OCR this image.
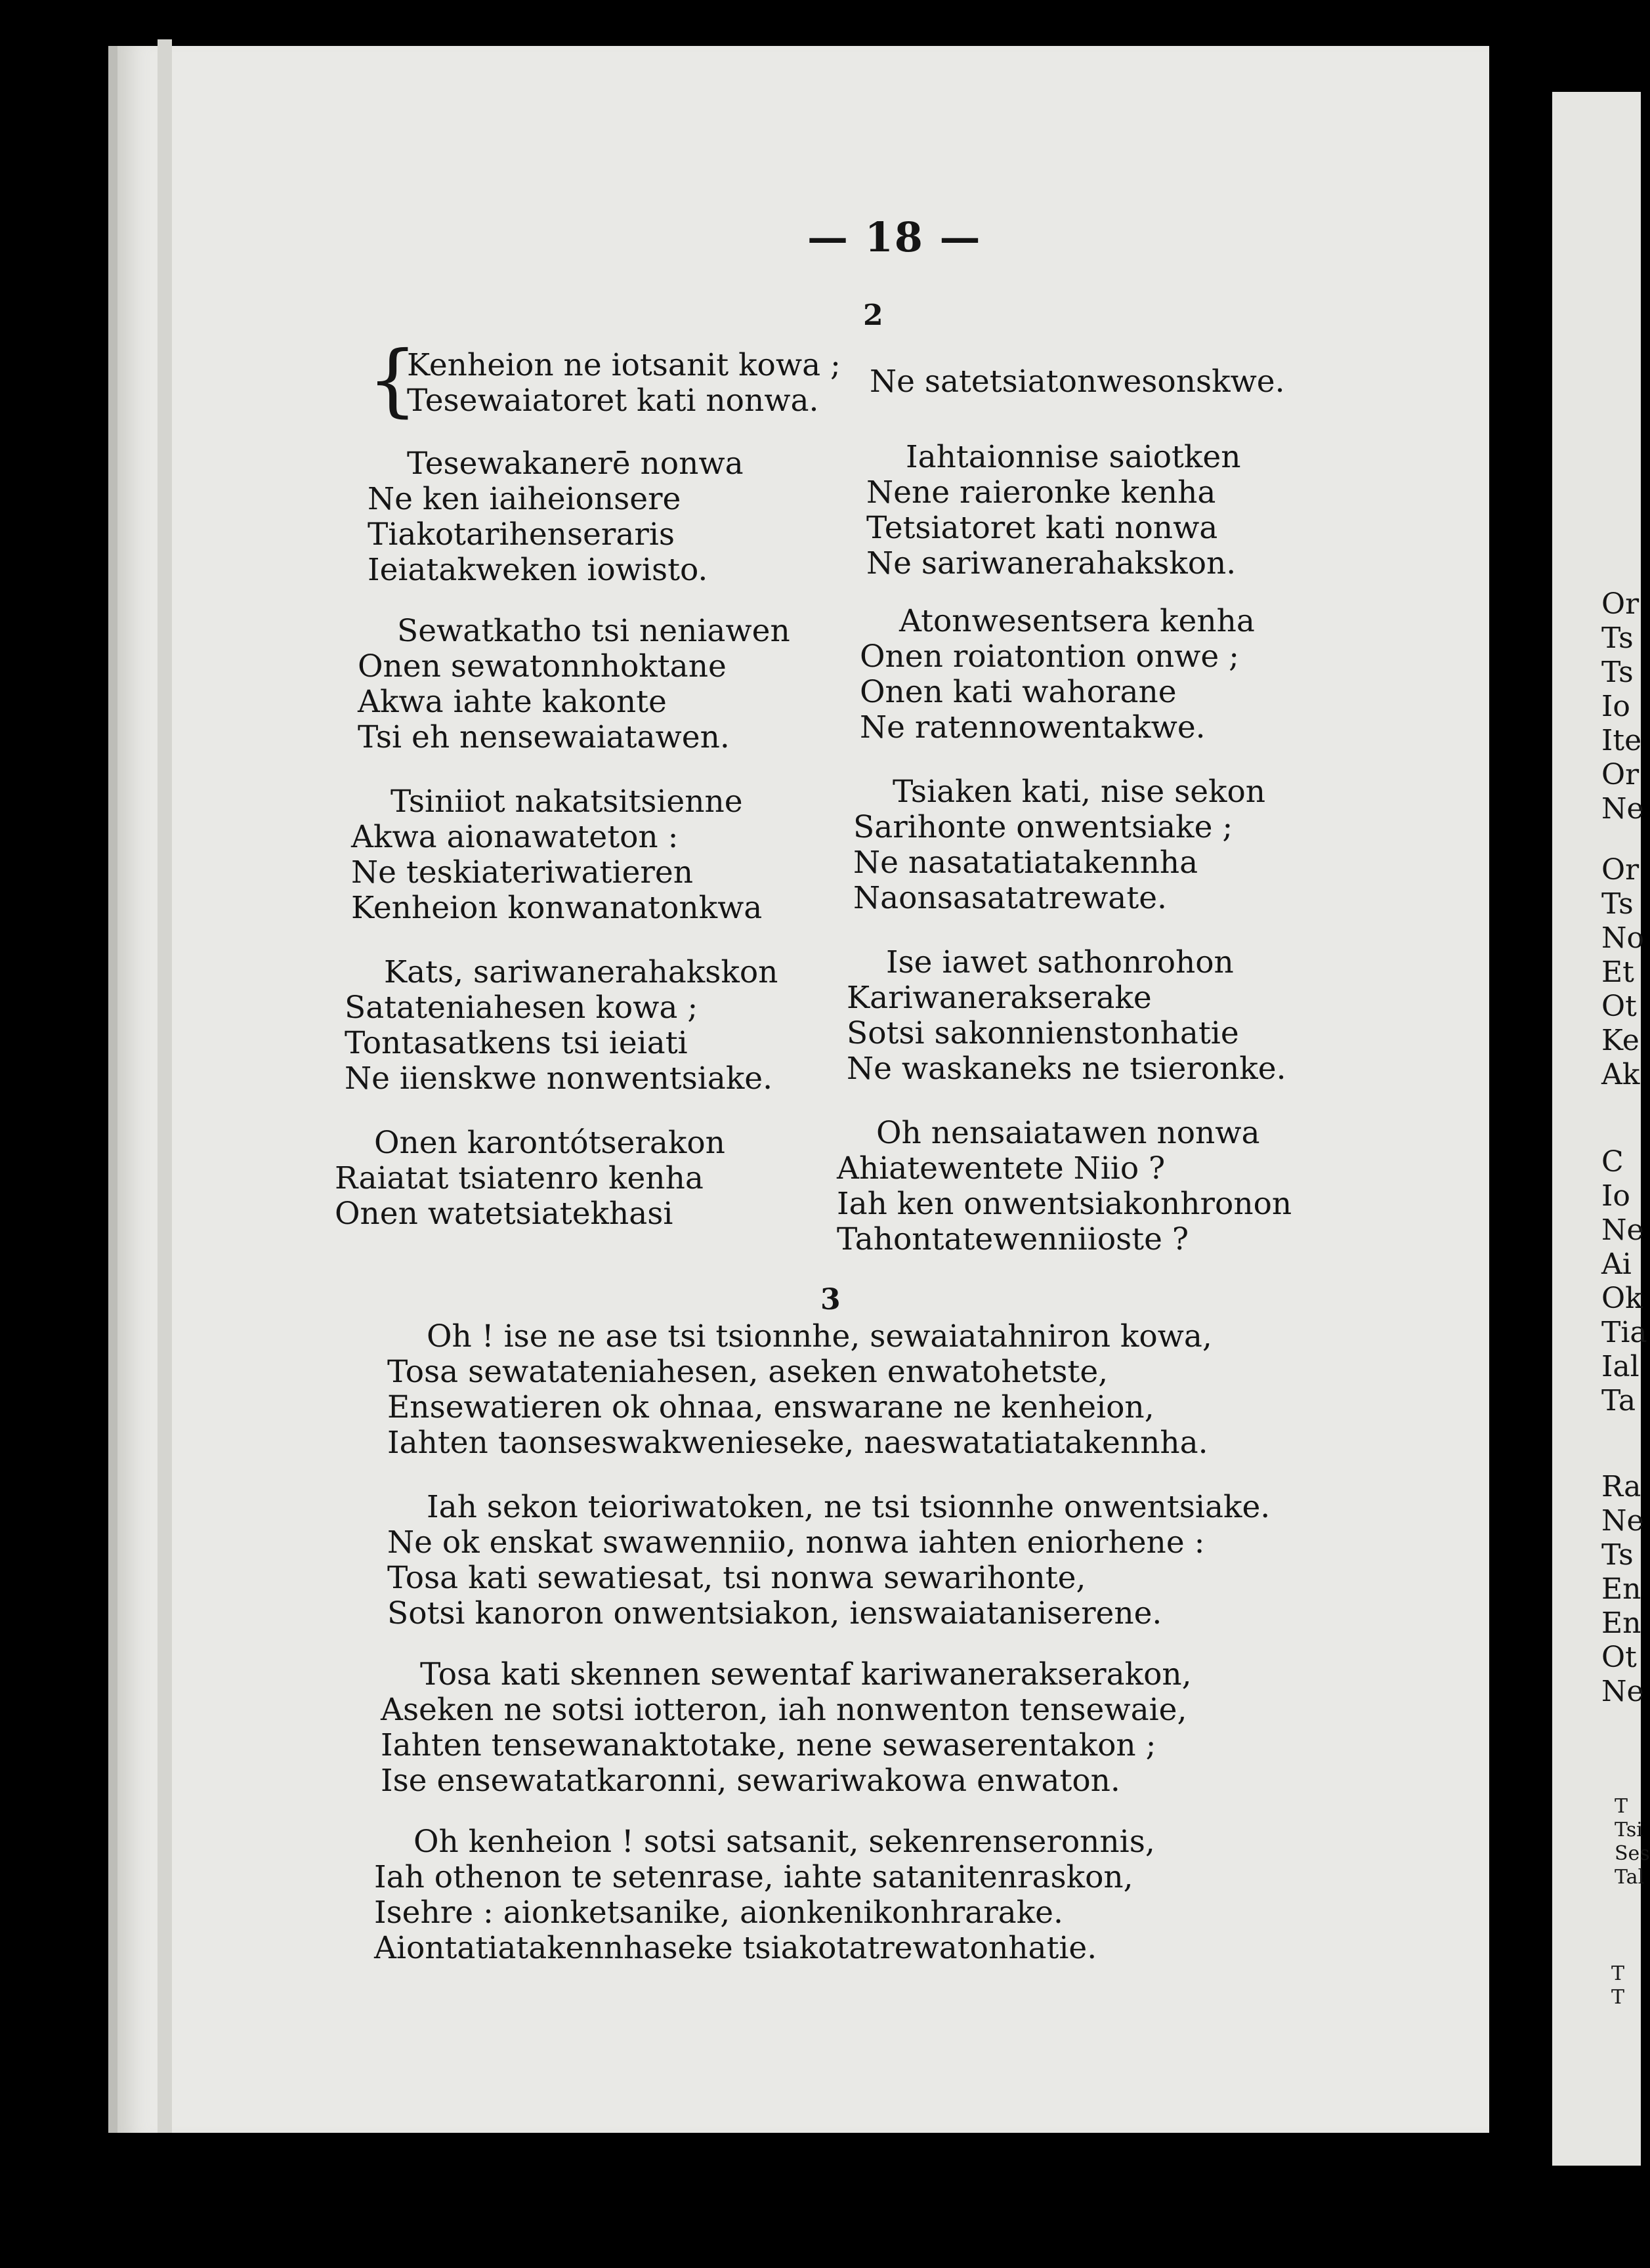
— 18 —
2
3
{
Kenheion ne iotsanit kowa ;
Tesewaiatoret kati nonwa.
Tesewakanerē nonwa
Ne ken iaiheionsere
Tiakotarihenseraris
Ieiatakweken iowisto.
Sewatkatho tsi neniawen
Onen sewatonnhoktane
Akwa iahte kakonte
Tsi eh nensewaiatawen.
Tsiniiot nakatsitsienne
Akwa aionawateton :
Ne teskiateriwatieren
Kenheion konwanatonkwa
Kats, sariwanerahakskon
Satateniahesen kowa ;
Tontasatkens tsi ieiati
Ne iienskwe nonwentsiake.
Onen karontótserakon
Raiatat tsiatenro kenha
Onen watetsiatekhasi
Ne satetsiatonwesonskwe.
Iahtaionnise saiotken
Nene raieronke kenha
Tetsiatoret kati nonwa
Ne sariwanerahakskon.
Atonwesentsera kenha
Onen roiatontion onwe ;
Onen kati wahorane
Ne ratennowentakwe.
Tsiaken kati, nise sekon
Sarihonte onwentsiake ;
Ne nasatatiatakennha
Naonsasatatrewate.
Ise iawet sathonrohon
Kariwanerakserake
Sotsi sakonnienstonhatie
Ne waskaneks ne tsieronke.
Oh nensaiatawen nonwa
Ahiatewentete Niio ?
Iah ken onwentsiakonhronon
Tahontatewenniioste ?
Oh ! ise ne ase tsi tsionnhe, sewaiatahniron kowa,
Tosa sewatateniahesen, aseken enwatohetste,
Ensewatieren ok ohnaa, enswarane ne kenheion,
Iahten taonseswakwenieseke, naeswatatiatakennha.
Iah sekon teioriwatoken, ne tsi tsionnhe onwentsiake.
Ne ok enskat swawenniio, nonwa iahten eniorhene :
Tosa kati sewatiesat, tsi nonwa sewarihonte,
Sotsi kanoron onwentsiakon, ienswaiataniserene.
Tosa kati skennen sewentaf kariwanerakserakon,
Aseken ne sotsi iotteron, iah nonwenton tensewaie,
Iahten tensewanaktotake, nene sewaserentakon ;
Ise ensewatatkaronni, sewariwakowa enwaton.
Oh kenheion ! sotsi satsanit, sekenrenseronnis,
Iah othenon te setenrase, iahte satanitenraskon,
Isehre : aionketsanike, aionkenikonhrarake.
Aiontatiatakennhaseke tsiakotatrewatonhatie.
Or
Ts
Ts
Io
Ite
Or
Ne
Or
Ts
No
Et
Ot
Ke
Ak
C
Io
Ne
Ai
Ok
Tia
Ial
Ta
Ra
Ne
Ts
En
En
Ot
Ne
T
Tsi
Ses
Tal
T
T
